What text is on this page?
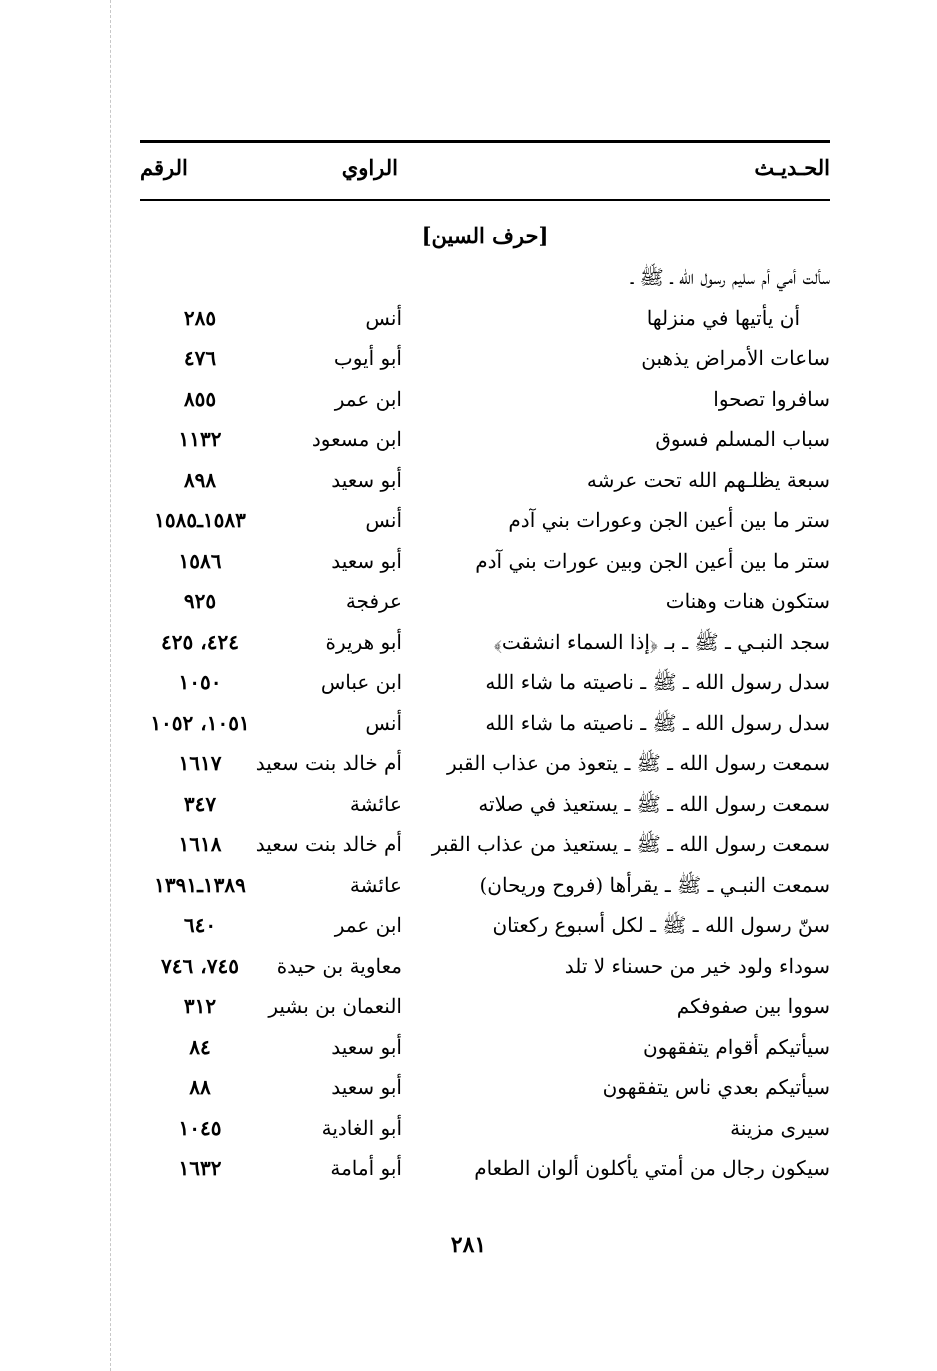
الحـديـث
الراوي
الرقم
[حرف السين]
سألت أمي أم سليم رسول الله ـ ﷺ ـ
أن يأتيها في منزلها
أنس
٢٨٥
ساعات الأمراض يذهبن
أبو أيوب
٤٧٦
سافروا تصحوا
ابن عمر
٨٥٥
سباب المسلم فسوق
ابن مسعود
١١٣٢
سبعة يظلـهم الله تحت عرشه
أبو سعيد
٨٩٨
ستر ما بين أعين الجن وعورات بني آدم
أنس
١٥٨٣ـ١٥٨٥
ستر ما بين أعين الجن وبين عورات بني آدم
أبو سعيد
١٥٨٦
ستكون هنات وهنات
عرفجة
٩٢٥
سجد النبـي ـ ﷺ ـ بـ ﴿إذا السماء انشقت﴾
أبو هريرة
٤٢٤، ٤٢٥
سدل رسول الله ـ ﷺ ـ ناصيته ما شاء الله
ابن عباس
١٠٥٠
سدل رسول الله ـ ﷺ ـ ناصيته ما شاء الله
أنس
١٠٥١، ١٠٥٢
سمعت رسول الله ـ ﷺ ـ يتعوذ من عذاب القبر
أم خالد بنت سعيد
١٦١٧
سمعت رسول الله ـ ﷺ ـ يستعيذ في صلاته
عائشة
٣٤٧
سمعت رسول الله ـ ﷺ ـ يستعيذ من عذاب القبر
أم خالد بنت سعيد
١٦١٨
سمعت النبـي ـ ﷺ ـ يقرأها (فروح وريحان)
عائشة
١٣٨٩ـ١٣٩١
سنّ رسول الله ـ ﷺ ـ لكل أسبوع ركعتان
ابن عمر
٦٤٠
سوداء ولود خير من حسناء لا تلد
معاوية بن حيدة
٧٤٥، ٧٤٦
سووا بين صفوفكم
النعمان بن بشير
٣١٢
سيأتيكم أقوام يتفقهون
أبو سعيد
٨٤
سيأتيكم بعدي ناس يتفقهون
أبو سعيد
٨٨
سيرى مزينة
أبو الغادية
١٠٤٥
سيكون رجال من أمتي يأكلون ألوان الطعام
أبو أمامة
١٦٣٢
٢٨١
